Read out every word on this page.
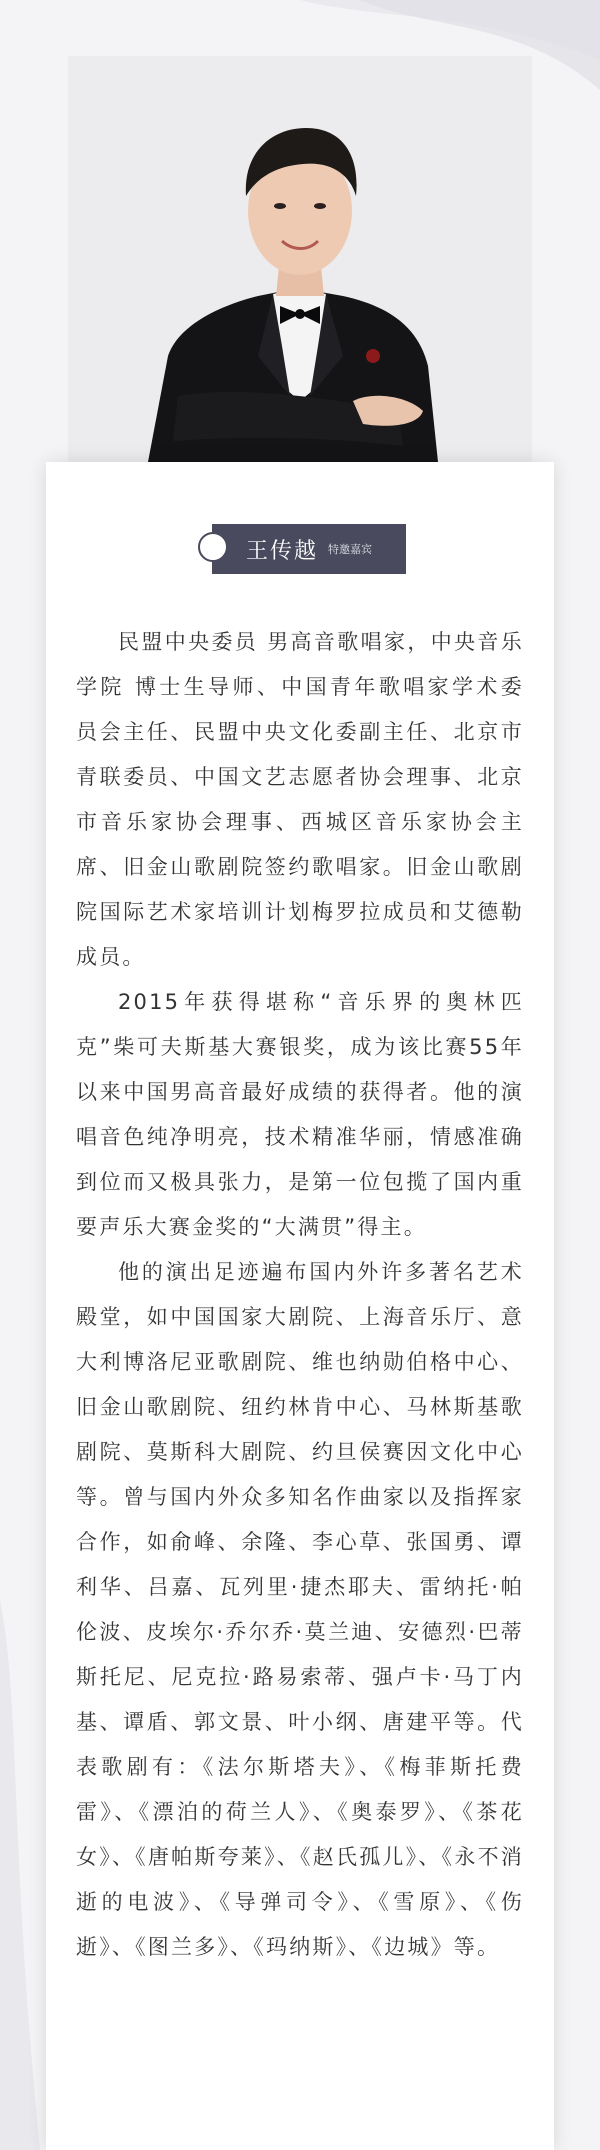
王传越 特邀嘉宾

民盟中央委员 男高音歌唱家，中央音乐学院 博士生导师、中国青年歌唱家学术委员会主任、民盟中央文化委副主任、北京市青联委员、中国文艺志愿者协会理事、北京市音乐家协会理事、西城区音乐家协会主席、旧金山歌剧院签约歌唱家。旧金山歌剧院国际艺术家培训计划梅罗拉成员和艾德勒成员。

2015年获得堪称“音乐界的奥林匹克”柴可夫斯基大赛银奖，成为该比赛55年以来中国男高音最好成绩的获得者。他的演唱音色纯净明亮，技术精准华丽，情感准确到位而又极具张力，是第一位包揽了国内重要声乐大赛金奖的“大满贯”得主。

他的演出足迹遍布国内外许多著名艺术殿堂，如中国国家大剧院、上海音乐厅、意大利博洛尼亚歌剧院、维也纳勋伯格中心、旧金山歌剧院、纽约林肯中心、马林斯基歌剧院、莫斯科大剧院、约旦侯赛因文化中心等。曾与国内外众多知名作曲家以及指挥家合作，如俞峰、余隆、李心草、张国勇、谭利华、吕嘉、瓦列里·捷杰耶夫、雷纳托·帕伦波、皮埃尔·乔尔乔·莫兰迪、安德烈·巴蒂斯托尼、尼克拉·路易索蒂、强卢卡·马丁内基、谭盾、郭文景、叶小纲、唐建平等。代表歌剧有：《法尔斯塔夫》、《梅菲斯托费雷》、《漂泊的荷兰人》、《奥泰罗》、《茶花女》、《唐帕斯夸莱》、《赵氏孤儿》、《永不消逝的电波》、《导弹司令》、《雪原》、《伤逝》、《图兰多》、《玛纳斯》、《边城》等。
